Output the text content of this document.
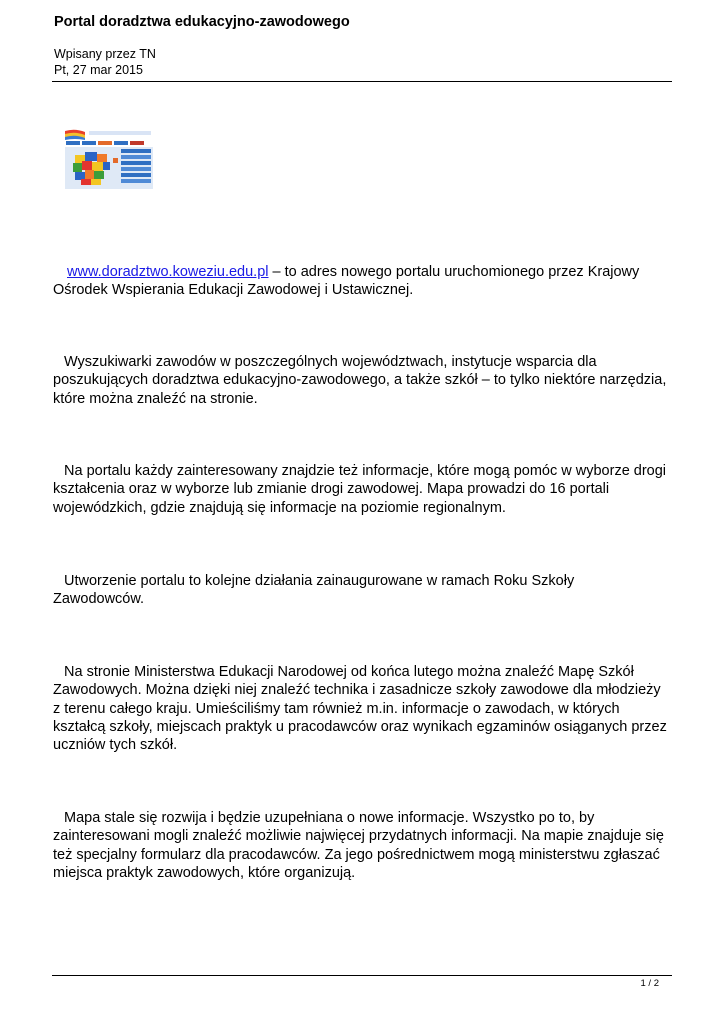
Portal doradztwa edukacyjno-zawodowego
Wpisany przez TN
Pt, 27 mar 2015
www.doradztwo.koweziu.edu.pl – to adres nowego portalu uruchomionego przez Krajowy
Ośrodek Wspierania Edukacji Zawodowej i Ustawicznej.
Wyszukiwarki zawodów w poszczególnych województwach, instytucje wsparcia dla
poszukujących doradztwa edukacyjno-zawodowego, a także szkół – to tylko niektóre narzędzia,
które można znaleźć na stronie.
Na portalu każdy zainteresowany znajdzie też informacje, które mogą pomóc w wyborze drogi
kształcenia oraz w wyborze lub zmianie drogi zawodowej. Mapa prowadzi do 16 portali
wojewódzkich, gdzie znajdują się informacje na poziomie regionalnym.
Utworzenie portalu to kolejne działania zainaugurowane w ramach Roku Szkoły
Zawodowców.
Na stronie Ministerstwa Edukacji Narodowej od końca lutego można znaleźć Mapę Szkół
Zawodowych. Można dzięki niej znaleźć technika i zasadnicze szkoły zawodowe dla młodzieży
z terenu całego kraju. Umieściliśmy tam również m.in. informacje o zawodach, w których
kształcą szkoły, miejscach praktyk u pracodawców oraz wynikach egzaminów osiąganych przez
uczniów tych szkół.
Mapa stale się rozwija i będzie uzupełniana o nowe informacje. Wszystko po to, by
zainteresowani mogli znaleźć możliwie najwięcej przydatnych informacji. Na mapie znajduje się
też specjalny formularz dla pracodawców. Za jego pośrednictwem mogą ministerstwu zgłaszać
miejsca praktyk zawodowych, które organizują.
1 / 2
